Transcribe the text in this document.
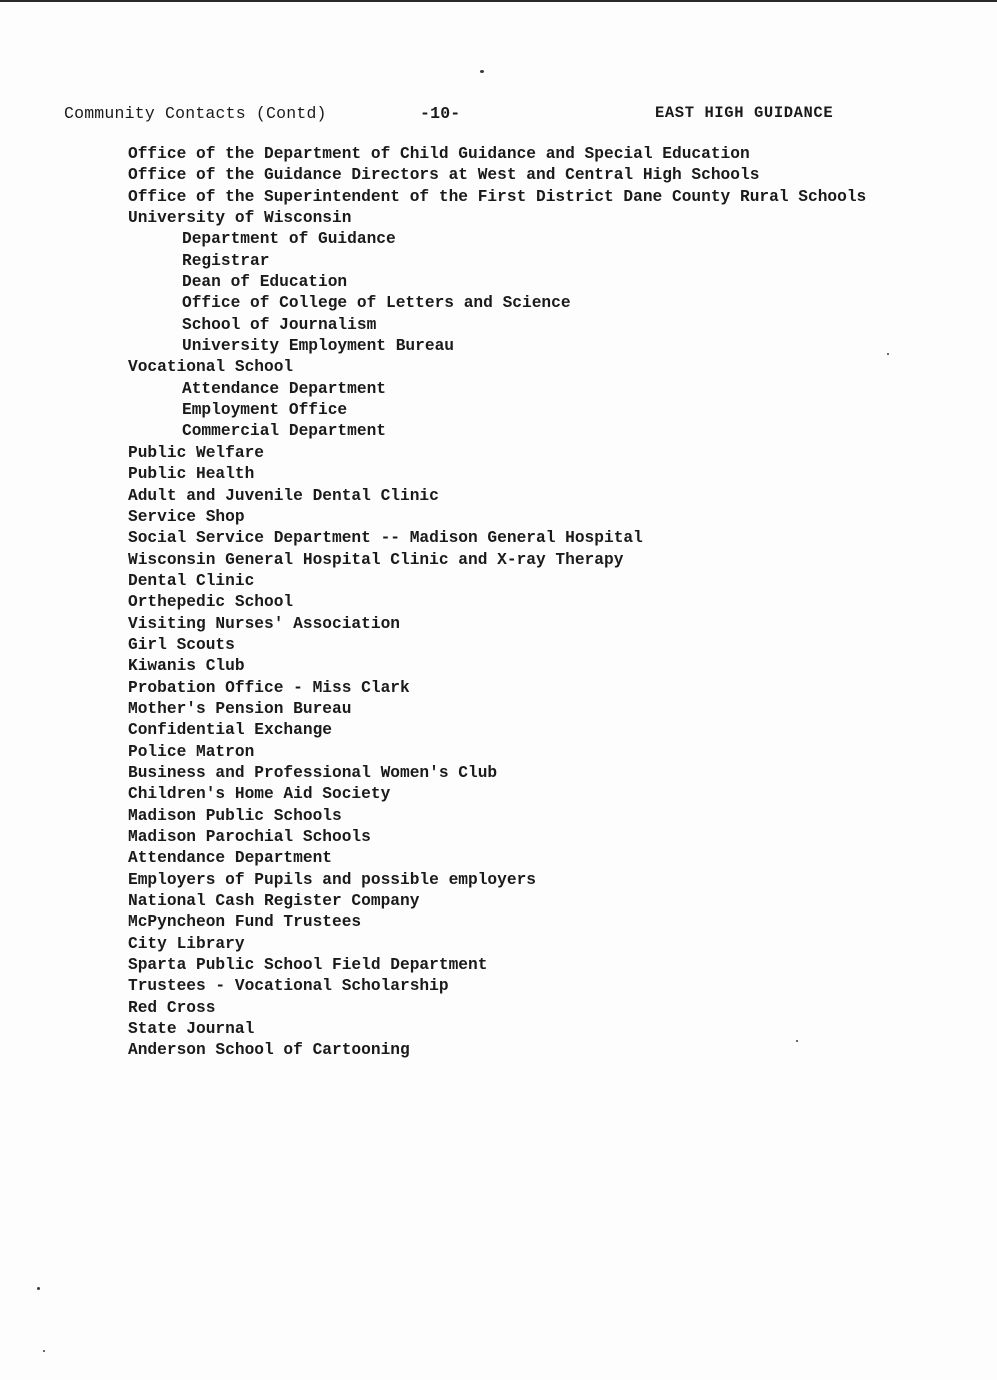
Community Contacts (Contd)	-10-	EAST HIGH GUIDANCE
Office of the Department of Child Guidance and Special Education
Office of the Guidance Directors at West and Central High Schools
Office of the Superintendent of the First District Dane County Rural Schools
University of Wisconsin
Department of Guidance
Registrar
Dean of Education
Office of College of Letters and Science
School of Journalism
University Employment Bureau
Vocational School
Attendance Department
Employment Office
Commercial Department
Public Welfare
Public Health
Adult and Juvenile Dental Clinic
Service Shop
Social Service Department -- Madison General Hospital
Wisconsin General Hospital Clinic and X-ray Therapy
Dental Clinic
Orthepedic School
Visiting Nurses' Association
Girl Scouts
Kiwanis Club
Probation Office - Miss Clark
Mother's Pension Bureau
Confidential Exchange
Police Matron
Business and Professional Women's Club
Children's Home Aid Society
Madison Public Schools
Madison Parochial Schools
Attendance Department
Employers of Pupils and possible employers
National Cash Register Company
McPyncheon Fund Trustees
City Library
Sparta Public School Field Department
Trustees - Vocational Scholarship
Red Cross
State Journal
Anderson School of Cartooning
